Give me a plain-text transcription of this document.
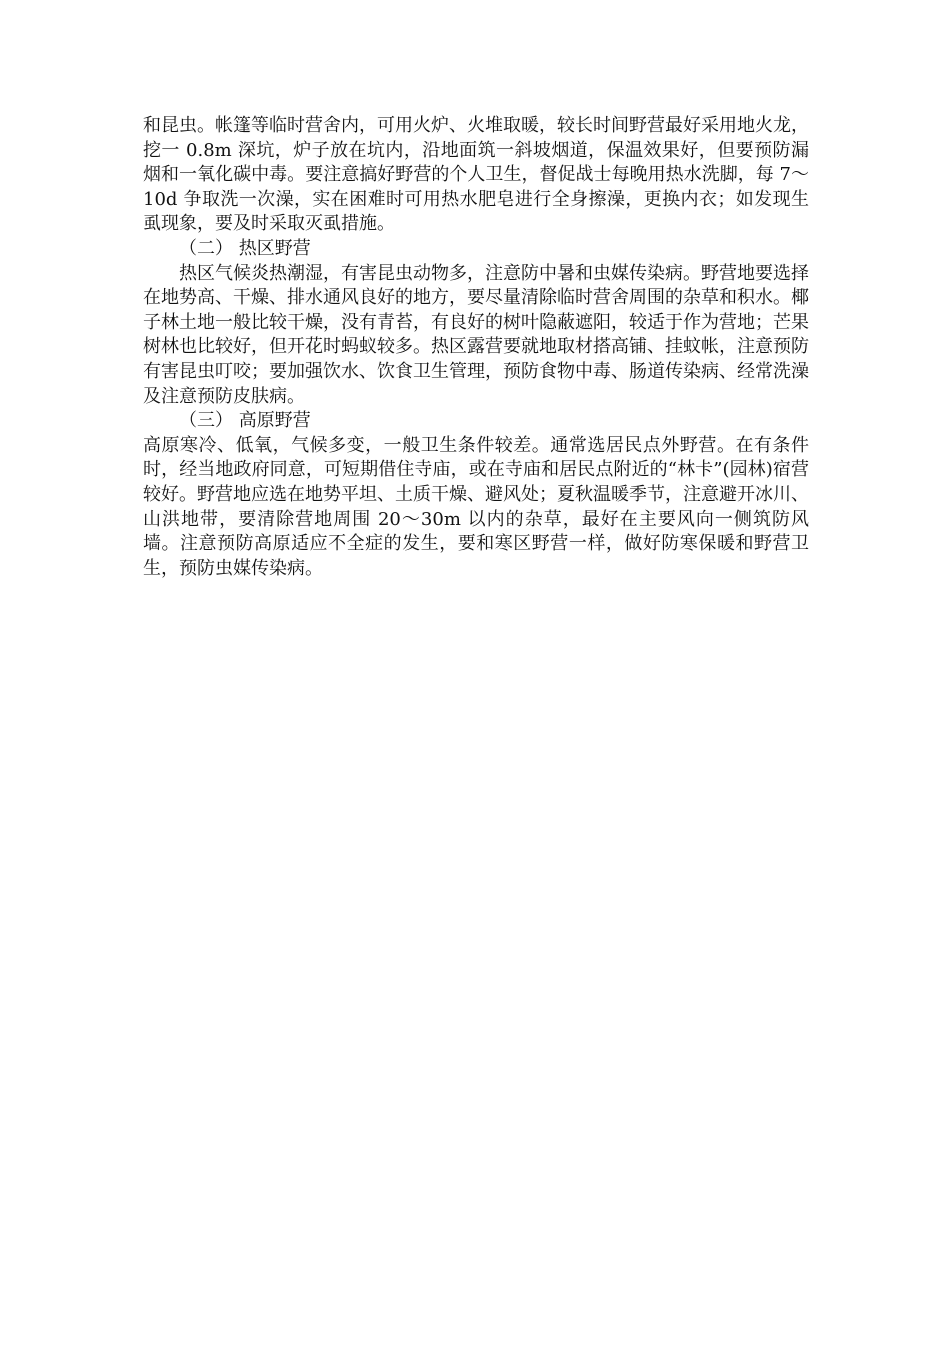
和昆虫。帐篷等临时营舍内，可用火炉、火堆取暖，较长时间野营最好采用地火龙，挖一 0.8m 深坑，炉子放在坑内，沿地面筑一斜坡烟道，保温效果好，但要预防漏烟和一氧化碳中毒。要注意搞好野营的个人卫生，督促战士每晚用热水洗脚，每 7～10d 争取洗一次澡，实在困难时可用热水肥皂进行全身擦澡，更换内衣；如发现生虱现象，要及时采取灭虱措施。

（二） 热区野营

热区气候炎热潮湿，有害昆虫动物多，注意防中暑和虫媒传染病。野营地要选择在地势高、干燥、排水通风良好的地方，要尽量清除临时营舍周围的杂草和积水。椰子林土地一般比较干燥，没有青苔，有良好的树叶隐蔽遮阳，较适于作为营地；芒果树林也比较好，但开花时蚂蚁较多。热区露营要就地取材搭高铺、挂蚊帐，注意预防有害昆虫叮咬；要加强饮水、饮食卫生管理，预防食物中毒、肠道传染病、经常洗澡及注意预防皮肤病。

（三） 高原野营

高原寒冷、低氧，气候多变，一般卫生条件较差。通常选居民点外野营。在有条件时，经当地政府同意，可短期借住寺庙，或在寺庙和居民点附近的“林卡”(园林)宿营较好。野营地应选在地势平坦、土质干燥、避风处；夏秋温暖季节，注意避开冰川、山洪地带，要清除营地周围 20～30m 以内的杂草，最好在主要风向一侧筑防风墙。注意预防高原适应不全症的发生，要和寒区野营一样，做好防寒保暖和野营卫生，预防虫媒传染病。
